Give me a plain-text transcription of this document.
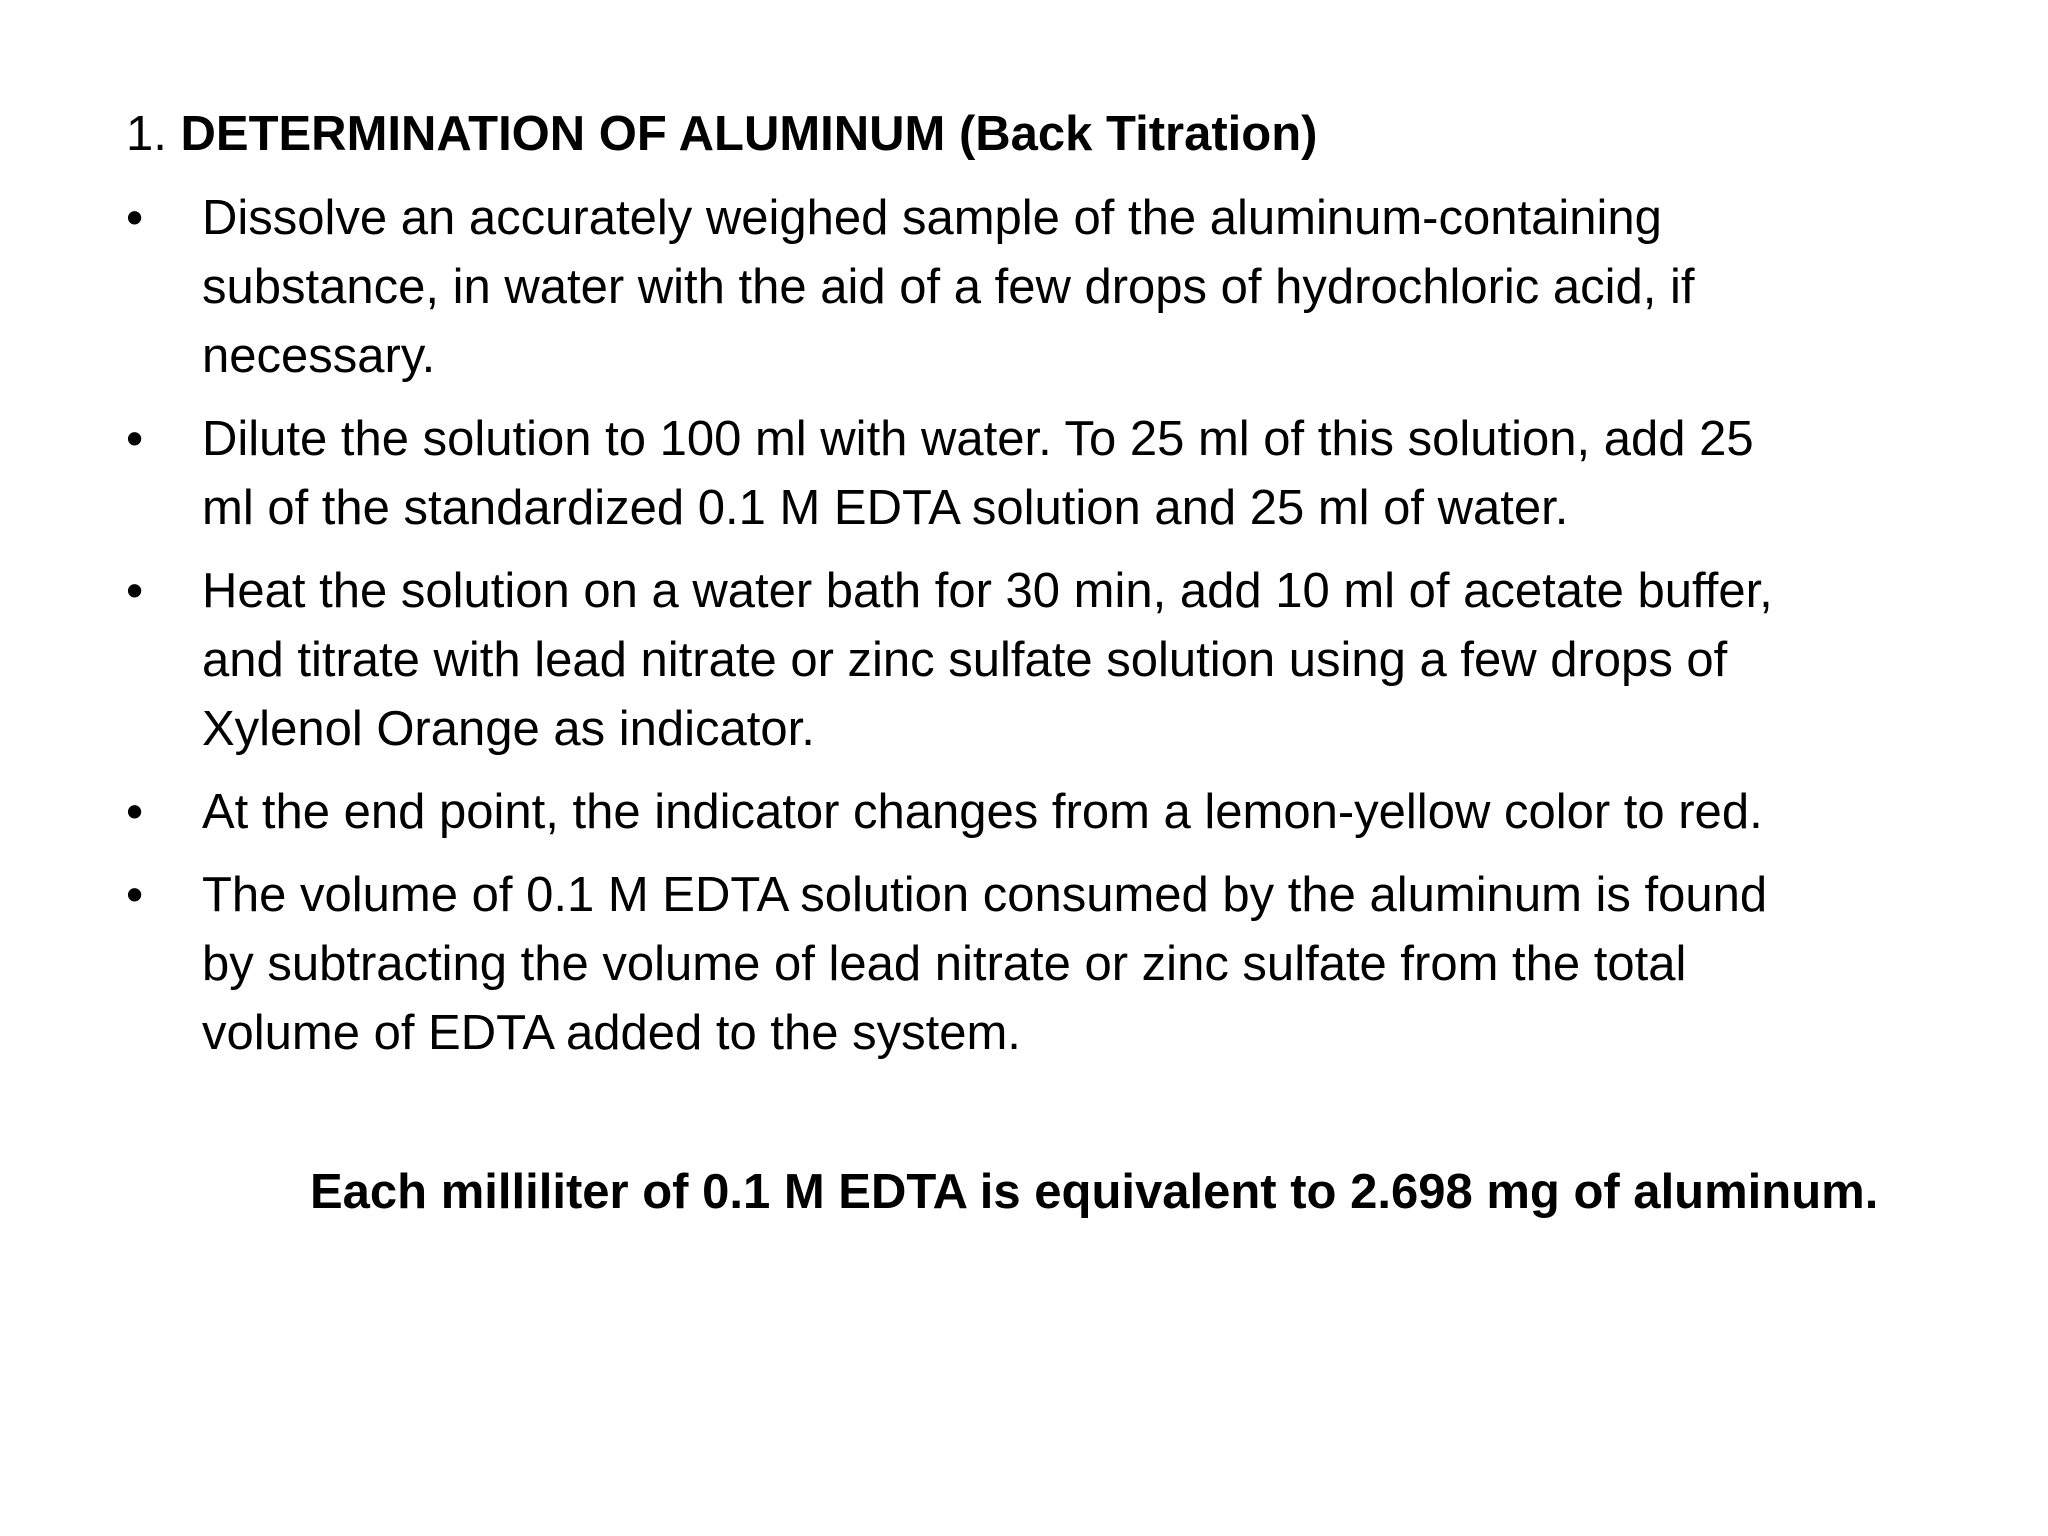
1. DETERMINATION OF ALUMINUM (Back Titration)
• Dissolve an accurately weighed sample of the aluminum-containing
substance, in water with the aid of a few drops of hydrochloric acid, if
necessary.
• Dilute the solution to 100 ml with water. To 25 ml of this solution, add 25
ml of the standardized 0.1 M EDTA solution and 25 ml of water.
• Heat the solution on a water bath for 30 min, add 10 ml of acetate buffer,
and titrate with lead nitrate or zinc sulfate solution using a few drops of
Xylenol Orange as indicator.
• At the end point, the indicator changes from a lemon-yellow color to red.
• The volume of 0.1 M EDTA solution consumed by the aluminum is found
by subtracting the volume of lead nitrate or zinc sulfate from the total
volume of EDTA added to the system.
Each milliliter of 0.1 M EDTA is equivalent to 2.698 mg of aluminum.
